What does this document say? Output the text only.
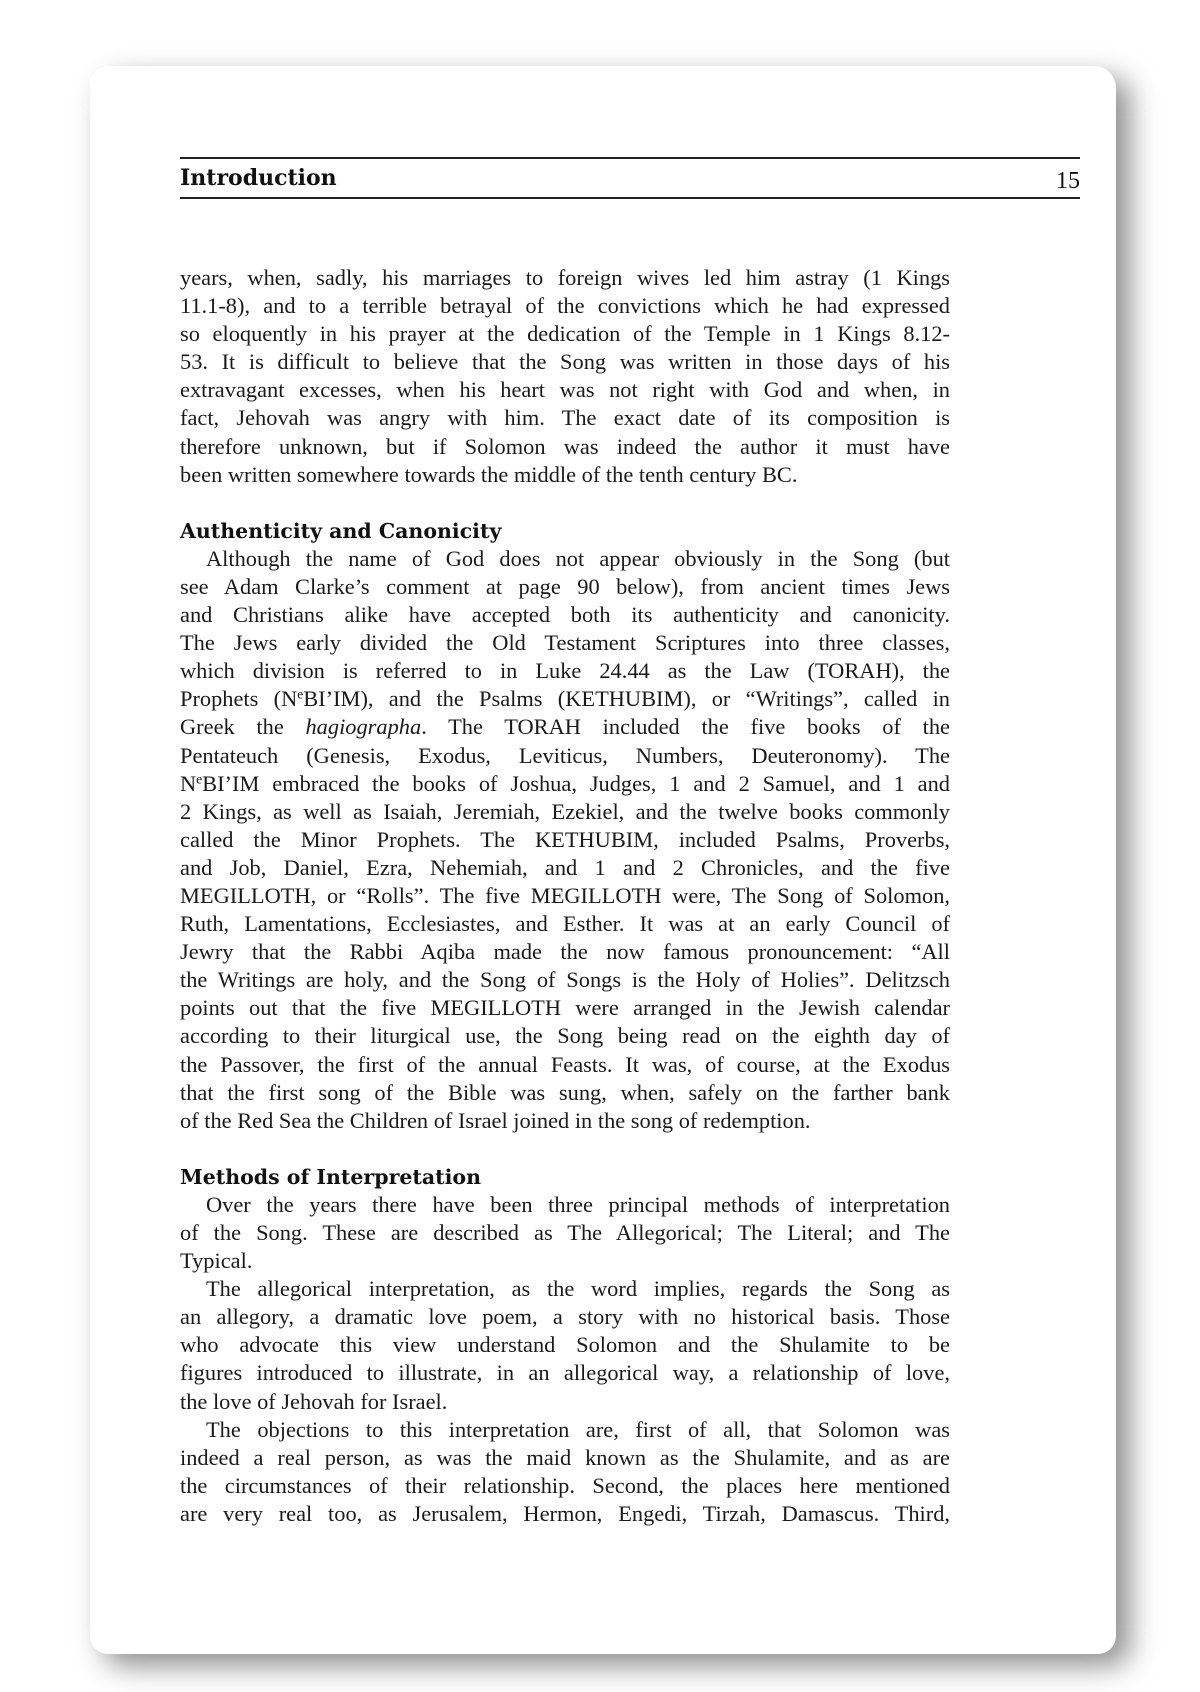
Introduction	15
years, when, sadly, his marriages to foreign wives led him astray (1 Kings
11.1-8), and to a terrible betrayal of the convictions which he had expressed
so eloquently in his prayer at the dedication of the Temple in 1 Kings 8.12-
53. It is difficult to believe that the Song was written in those days of his
extravagant excesses, when his heart was not right with God and when, in
fact, Jehovah was angry with him. The exact date of its composition is
therefore unknown, but if Solomon was indeed the author it must have
been written somewhere towards the middle of the tenth century BC.
Authenticity and Canonicity
Although the name of God does not appear obviously in the Song (but
see Adam Clarke’s comment at page 90 below), from ancient times Jews
and Christians alike have accepted both its authenticity and canonicity.
The Jews early divided the Old Testament Scriptures into three classes,
which division is referred to in Luke 24.44 as the Law (TORAH), the
Prophets $(N^eBI’IM)$, and the Psalms (KETHUBIM), or “Writings”, called in
Greek the hagiographa. The TORAH included the five books of the
Pentateuch (Genesis, Exodus, Leviticus, Numbers, Deuteronomy). The
$N^eBI’IM$ embraced the books of Joshua, Judges, 1 and 2 Samuel, and 1 and
2 Kings, as well as Isaiah, Jeremiah, Ezekiel, and the twelve books commonly
called the Minor Prophets. The KETHUBIM, included Psalms, Proverbs,
and Job, Daniel, Ezra, Nehemiah, and 1 and 2 Chronicles, and the five
MEGILLOTH, or “Rolls”. The five MEGILLOTH were, The Song of Solomon,
Ruth, Lamentations, Ecclesiastes, and Esther. It was at an early Council of
Jewry that the Rabbi Aqiba made the now famous pronouncement: “All
the Writings are holy, and the Song of Songs is the Holy of Holies”. Delitzsch
points out that the five MEGILLOTH were arranged in the Jewish calendar
according to their liturgical use, the Song being read on the eighth day of
the Passover, the first of the annual Feasts. It was, of course, at the Exodus
that the first song of the Bible was sung, when, safely on the farther bank
of the Red Sea the Children of Israel joined in the song of redemption.
Methods of Interpretation
Over the years there have been three principal methods of interpretation
of the Song. These are described as The Allegorical; The Literal; and The
Typical.
The allegorical interpretation, as the word implies, regards the Song as
an allegory, a dramatic love poem, a story with no historical basis. Those
who advocate this view understand Solomon and the Shulamite to be
figures introduced to illustrate, in an allegorical way, a relationship of love,
the love of Jehovah for Israel.
The objections to this interpretation are, first of all, that Solomon was
indeed a real person, as was the maid known as the Shulamite, and as are
the circumstances of their relationship. Second, the places here mentioned
are very real too, as Jerusalem, Hermon, Engedi, Tirzah, Damascus. Third,
